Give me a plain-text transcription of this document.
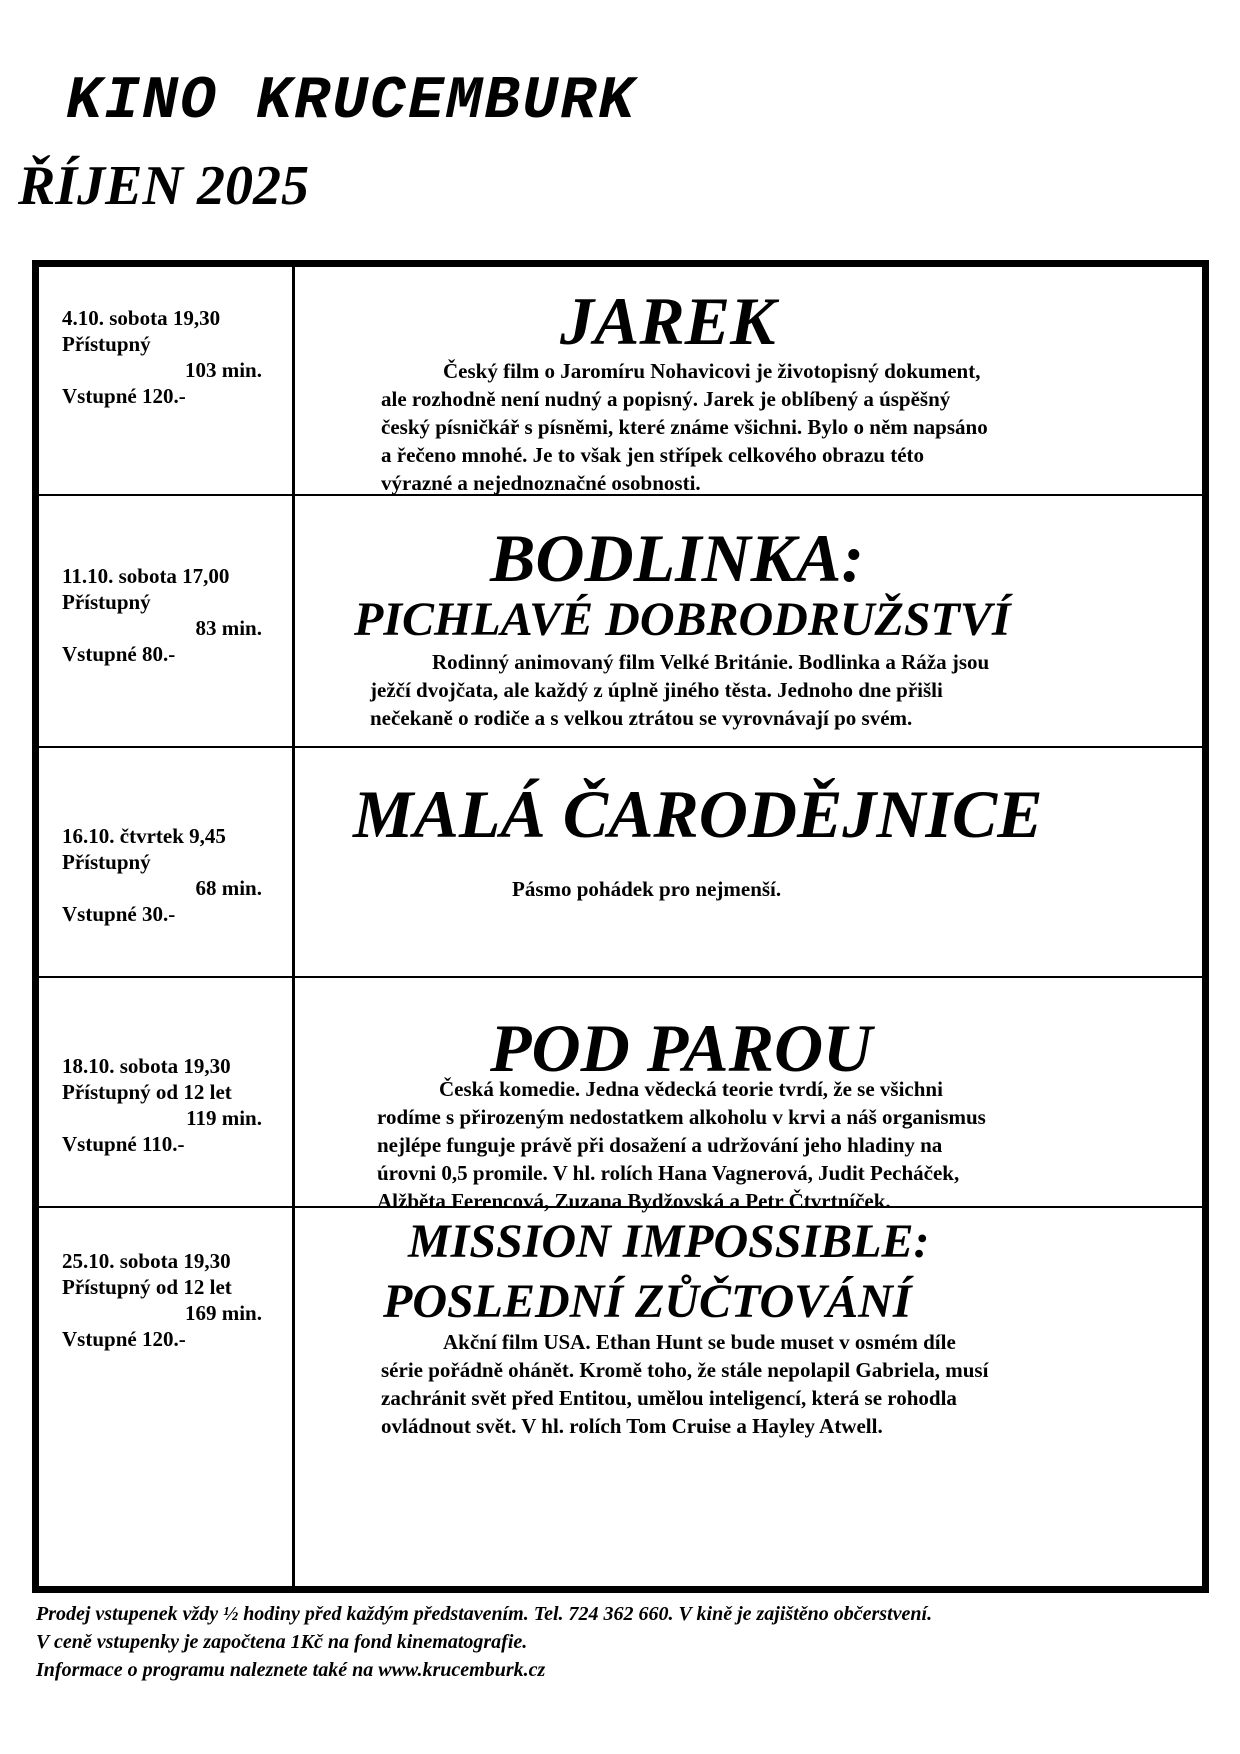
KINO KRUCEMBURK
ŘÍJEN 2025
4.10. sobota 19,30
Přístupný
103 min.
Vstupné 120.-
JAREK
Český film o Jaromíru Nohavicovi je životopisný dokument,
ale rozhodně není nudný a popisný. Jarek je oblíbený a úspěšný
český písničkář s písněmi, které známe všichni. Bylo o něm napsáno
a řečeno mnohé. Je to však jen střípek celkového obrazu této
výrazné a nejednoznačné osobnosti.
11.10. sobota 17,00
Přístupný
83 min.
Vstupné 80.-
BODLINKA:
PICHLAVÉ DOBRODRUŽSTVÍ
Rodinný animovaný film Velké Británie. Bodlinka a Ráža jsou
ježčí dvojčata, ale každý z úplně jiného těsta. Jednoho dne přišli
nečekaně o rodiče a s velkou ztrátou se vyrovnávají po svém.
16.10. čtvrtek 9,45
Přístupný
68 min.
Vstupné 30.-
MALÁ ČARODĚJNICE
Pásmo pohádek pro nejmenší.
18.10. sobota 19,30
Přístupný od 12 let
119 min.
Vstupné 110.-
POD PAROU
Česká komedie. Jedna vědecká teorie tvrdí, že se všichni
rodíme s přirozeným nedostatkem alkoholu v krvi a náš organismus
nejlépe funguje právě při dosažení a udržování jeho hladiny na
úrovni 0,5 promile. V hl. rolích Hana Vagnerová, Judit Pecháček,
Alžběta Ferencová, Zuzana Bydžovská a Petr Čtvrtníček.
25.10. sobota 19,30
Přístupný od 12 let
169 min.
Vstupné 120.-
MISSION IMPOSSIBLE:
POSLEDNÍ ZŮČTOVÁNÍ
Akční film USA. Ethan Hunt se bude muset v osmém díle
série pořádně ohánět. Kromě toho, že stále nepolapil Gabriela, musí
zachránit svět před Entitou, umělou inteligencí, která se rohodla
ovládnout svět. V hl. rolích Tom Cruise a Hayley Atwell.
Prodej vstupenek vždy ½ hodiny před každým představením. Tel. 724 362 660. V kině je zajištěno občerstvení.
V ceně vstupenky je započtena 1Kč na fond kinematografie.
Informace o programu naleznete také na www.krucemburk.cz
